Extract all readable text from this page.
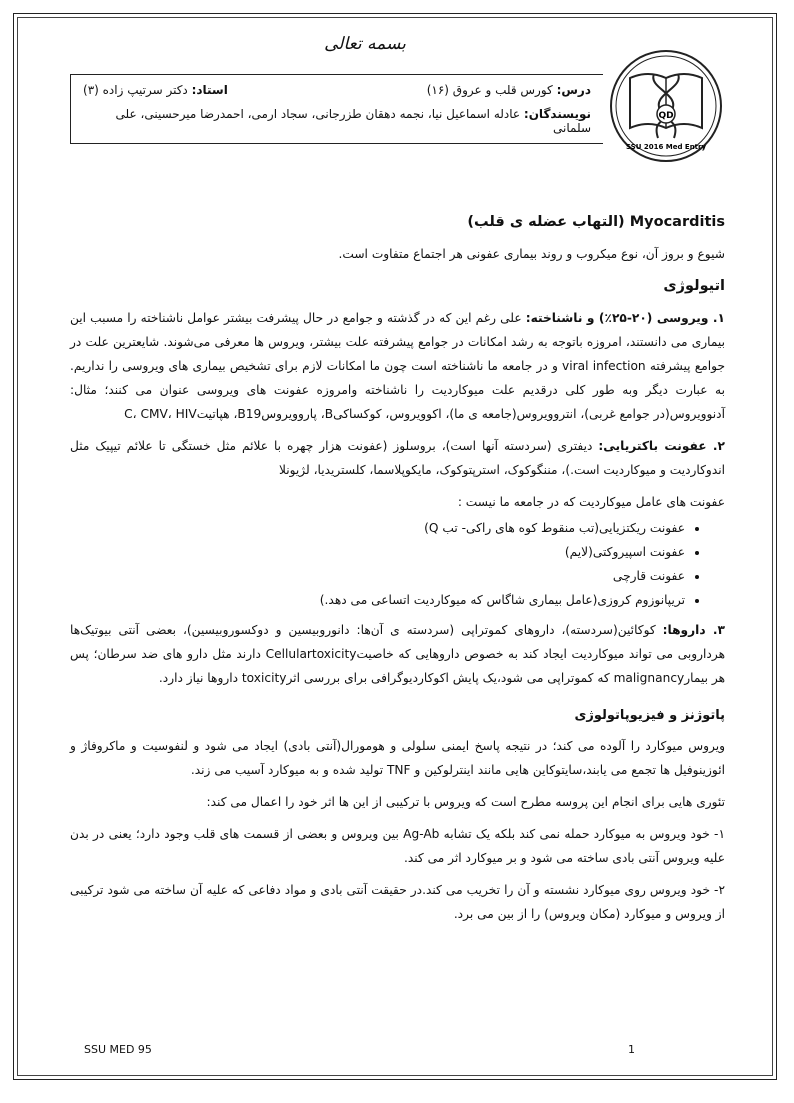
بسمه تعالی
QD
SSU 2016 Med Entry
درس: کورس قلب و عروق (۱۶)
استاد: دکتر سرتیپ زاده (۳)
نویسندگان: عادله اسماعیل نیا، نجمه دهقان طزرجانی، سجاد ارمی، احمدرضا میرحسینی، علی سلمانی
Myocarditis (التهاب عضله ی قلب)

شیوع و بروز آن، نوع میکروب و روند بیماری عفونی هر اجتماع متفاوت است.

اتیولوژی

۱. ویروسی (۲۰-۲۵٪) و ناشناخته: علی رغم این که در گذشته و جوامع در حال پیشرفت بیشتر عوامل ناشناخته را مسبب این بیماری می دانستند، امروزه باتوجه به رشد امکانات در جوامع پیشرفته علت بیشتر، ویروس ها معرفی می‌شوند. شایعترین علت در جوامع پیشرفته viral infection و در جامعه ما ناشناخته است چون ما امکانات لازم برای تشخیص بیماری های ویروسی را نداریم. به عبارت دیگر وبه طور کلی درقدیم علت میوکاردیت را ناشناخته وامروزه عفونت های ویروسی عنوان می کنند؛ مثال: آدنوویروس(در جوامع غربی)، انتروویروس(جامعه ی ما)، اکوویروس، کوکساکیB، پاروویروسB19، هپاتیتC، CMV، HIV

۲. عفونت باکتریایی: دیفتری (سردسته آنها است)، بروسلوز (عفونت هزار چهره با علائم مثل خستگی تا علائم تیپیک مثل اندوکاردیت و میوکاردیت است.)، مننگوکوک، استرپتوکوک، مایکوپلاسما، کلستریدیا، لژیونلا

عفونت های عامل میوکاردیت که در جامعه ما نیست :

• عفونت ریکتزیایی(تب منقوط کوه های راکی- تب Q)
• عفونت اسپیروکتی(لایم)
• عفونت قارچی
• تریپانوزوم کروزی(عامل بیماری شاگاس که میوکاردیت اتساعی می دهد.)

۳. داروها: کوکائین(سردسته)، داروهای کموتراپی (سردسته ی آن‌ها: دانوروبیسین و دوکسوروبیسین)، بعضی آنتی بیوتیک‌ها هرداروبی می تواند میوکاردیت ایجاد کند به خصوص داروهایی که خاصیتCellulartoxicity دارند مثل دارو های ضد سرطان؛ پس هر بیمارmalignancy که کموتراپی می شود،یک پایش اکوکاردیوگرافی برای بررسی اثرtoxicity داروها نیاز دارد.

پاتوژنز و فیزیوپاتولوژی

ویروس میوکارد را آلوده می کند؛ در نتیجه پاسخ ایمنی سلولی و هومورال(آنتی بادی) ایجاد می شود و لنفوسیت و ماکروفاژ و ائوزینوفیل ها تجمع می یابند،سایتوکاین هایی مانند اینترلوکین و TNF تولید شده و به میوکارد آسیب می زند.

تئوری هایی برای انجام این پروسه مطرح است که ویروس با ترکیبی از این ها اثر خود را اعمال می کند:

۱- خود ویروس به میوکارد حمله نمی کند بلکه یک تشابه Ag-Ab بین ویروس و بعضی از قسمت های قلب وجود دارد؛ یعنی در بدن علیه ویروس آنتی بادی ساخته می شود و بر میوکارد اثر می کند.

۲- خود ویروس روی میوکارد نشسته و آن را تخریب می کند.در حقیقت آنتی بادی و مواد دفاعی که علیه آن ساخته می شود ترکیبی از ویروس و میوکارد (مکان ویروس) را از بین می برد.

SSU MED 95	1
